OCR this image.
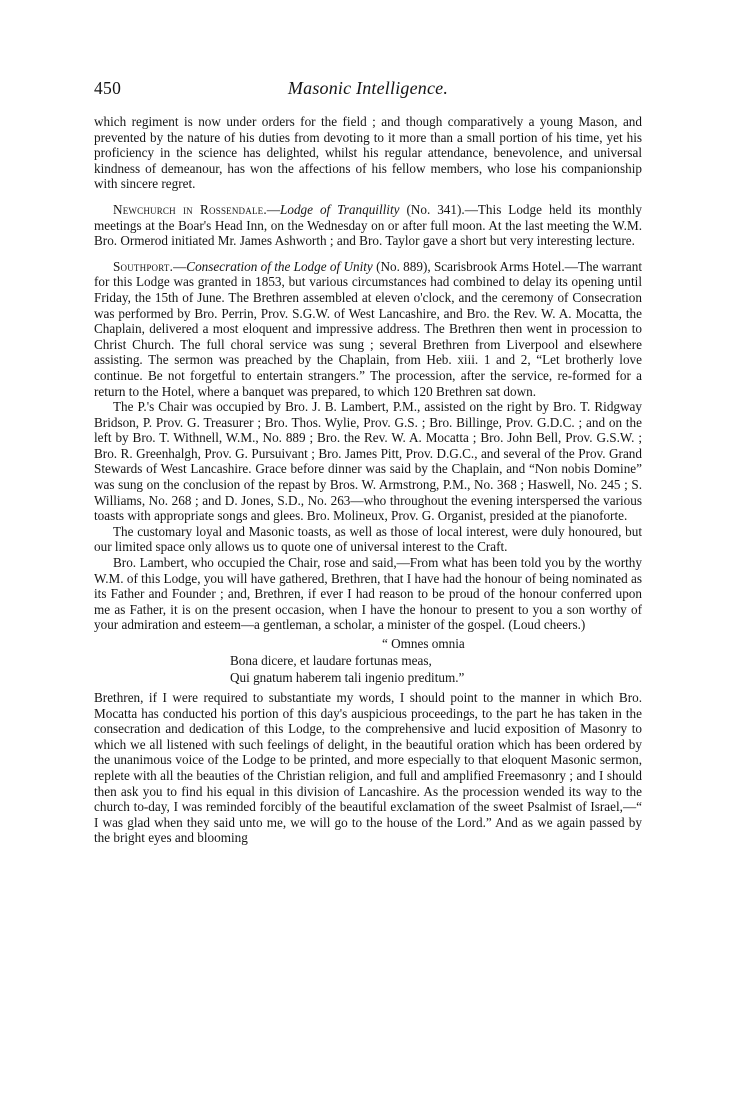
450	Masonic Intelligence.

which regiment is now under orders for the field ; and though comparatively a young Mason, and prevented by the nature of his duties from devoting to it more than a small portion of his time, yet his proficiency in the science has delighted, whilst his regular attendance, benevolence, and universal kindness of demeanour, has won the affections of his fellow members, who lose his companionship with sincere regret.

Newchurch in Rossendale.—Lodge of Tranquillity (No. 341).—This Lodge held its monthly meetings at the Boar's Head Inn, on the Wednesday on or after full moon. At the last meeting the W.M. Bro. Ormerod initiated Mr. James Ashworth ; and Bro. Taylor gave a short but very interesting lecture.

Southport.—Consecration of the Lodge of Unity (No. 889), Scarisbrook Arms Hotel.—The warrant for this Lodge was granted in 1853, but various circumstances had combined to delay its opening until Friday, the 15th of June. The Brethren assembled at eleven o'clock, and the ceremony of Consecration was performed by Bro. Perrin, Prov. S.G.W. of West Lancashire, and Bro. the Rev. W. A. Mocatta, the Chaplain, delivered a most eloquent and impressive address. The Brethren then went in procession to Christ Church. The full choral service was sung ; several Brethren from Liverpool and elsewhere assisting. The sermon was preached by the Chaplain, from Heb. xiii. 1 and 2, “Let brotherly love continue. Be not forgetful to entertain strangers.” The procession, after the service, re-formed for a return to the Hotel, where a banquet was prepared, to which 120 Brethren sat down.

The P.'s Chair was occupied by Bro. J. B. Lambert, P.M., assisted on the right by Bro. T. Ridgway Bridson, P. Prov. G. Treasurer ; Bro. Thos. Wylie, Prov. G.S. ; Bro. Billinge, Prov. G.D.C. ; and on the left by Bro. T. Withnell, W.M., No. 889 ; Bro. the Rev. W. A. Mocatta ; Bro. John Bell, Prov. G.S.W. ; Bro. R. Greenhalgh, Prov. G. Pursuivant ; Bro. James Pitt, Prov. D.G.C., and several of the Prov. Grand Stewards of West Lancashire. Grace before dinner was said by the Chaplain, and “Non nobis Domine” was sung on the conclusion of the repast by Bros. W. Armstrong, P.M., No. 368 ; Haswell, No. 245 ; S. Williams, No. 268 ; and D. Jones, S.D., No. 263—who throughout the evening interspersed the various toasts with appropriate songs and glees. Bro. Molineux, Prov. G. Organist, presided at the pianoforte.

The customary loyal and Masonic toasts, as well as those of local interest, were duly honoured, but our limited space only allows us to quote one of universal interest to the Craft.

Bro. Lambert, who occupied the Chair, rose and said,—From what has been told you by the worthy W.M. of this Lodge, you will have gathered, Brethren, that I have had the honour of being nominated as its Father and Founder ; and, Brethren, if ever I had reason to be proud of the honour conferred upon me as Father, it is on the present occasion, when I have the honour to present to you a son worthy of your admiration and esteem—a gentleman, a scholar, a minister of the gospel. (Loud cheers.)

“ Omnes omnia
Bona dicere, et laudare fortunas meas,
Qui gnatum haberem tali ingenio preditum.”

Brethren, if I were required to substantiate my words, I should point to the manner in which Bro. Mocatta has conducted his portion of this day's auspicious proceedings, to the part he has taken in the consecration and dedication of this Lodge, to the comprehensive and lucid exposition of Masonry to which we all listened with such feelings of delight, in the beautiful oration which has been ordered by the unanimous voice of the Lodge to be printed, and more especially to that eloquent Masonic sermon, replete with all the beauties of the Christian religion, and full and amplified Freemasonry ; and I should then ask you to find his equal in this division of Lancashire. As the procession wended its way to the church to-day, I was reminded forcibly of the beautiful exclamation of the sweet Psalmist of Israel,—“ I was glad when they said unto me, we will go to the house of the Lord.” And as we again passed by the bright eyes and blooming
